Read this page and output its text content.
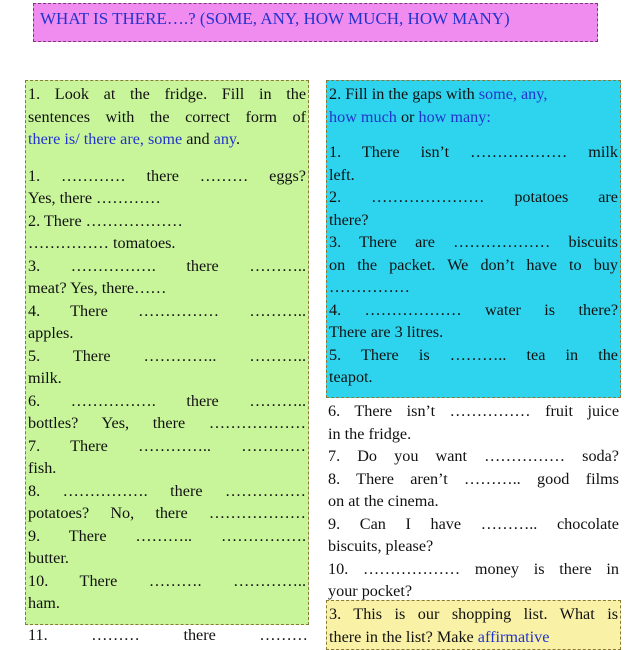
WHAT IS THERE….? (SOME, ANY, HOW MUCH, HOW MANY)
1. Look at the fridge. Fill in the
sentences with the correct form of
there is/ there are, some and any.
1. ………… there ……… eggs?
Yes, there …………
2. There ………………
…………… tomatoes.
3. ……………. there ………..
meat? Yes, there……
4. There …………… ………..
apples.
5. There ………….. ………..
milk.
6. ……………. there ………..
bottles? Yes, there ………………
7. There ………….. …………
fish.
8. ……………. there ……………
potatoes? No, there ………………
9. There ……….. …………….
butter.
10. There ………. …………..
ham.
11. ……… there ………
2. Fill in the gaps with some, any,
how much or how many:
1. There isn’t ……………… milk
left.
2. ………………… potatoes are
there?
3. There are ……………… biscuits
on the packet. We don’t have to buy
……………
4. ……………… water is there?
There are 3 litres.
5. There is ……….. tea in the
teapot.
6. There isn’t …………… fruit juice
in the fridge.
7. Do you want …………… soda?
8. There aren’t ……….. good films
on at the cinema.
9. Can I have ……….. chocolate
biscuits, please?
10. ……………… money is there in
your pocket?
3. This is our shopping list. What is
there in the list? Make affirmative
